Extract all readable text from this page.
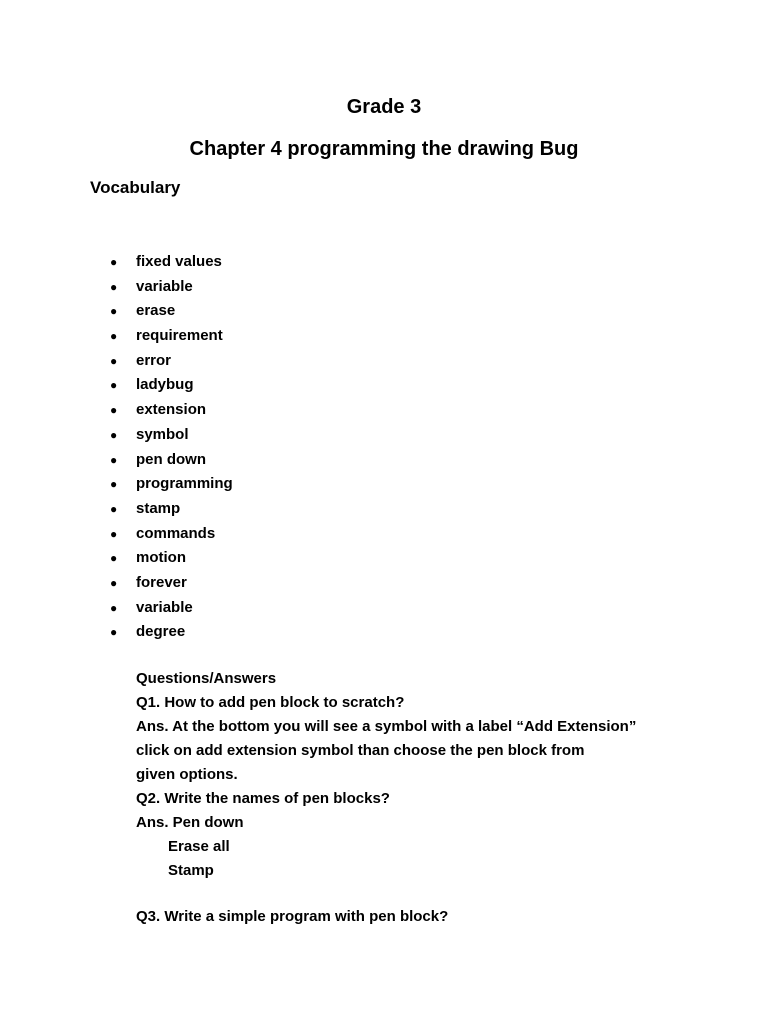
Grade 3
Chapter 4 programming the drawing Bug
Vocabulary
● fixed values
● variable
● erase
● requirement
● error
● ladybug
● extension
● symbol
● pen down
● programming
● stamp
● commands
● motion
● forever
● variable
● degree
Questions/Answers
Q1. How to add pen block to scratch?
Ans. At the bottom you will see a symbol with a label “Add Extension”
click on add extension symbol than choose the pen block from
given options.
Q2. Write the names of pen blocks?
Ans. Pen down
Erase all
Stamp
Q3. Write a simple program with pen block?
